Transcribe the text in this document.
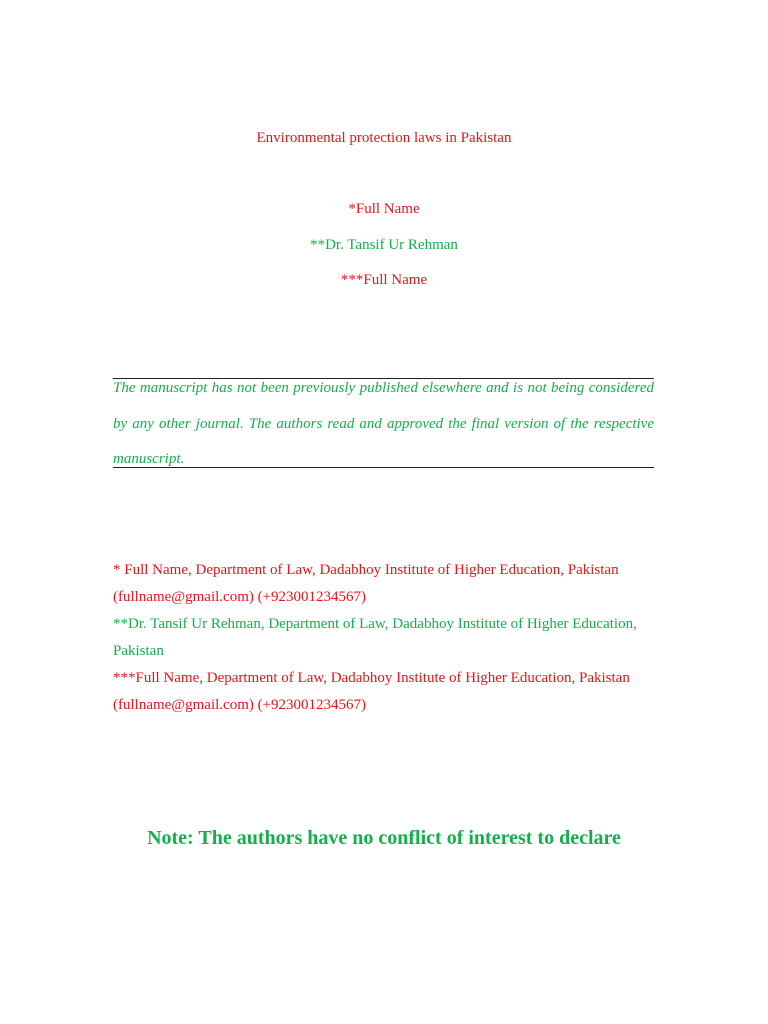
Environmental protection laws in Pakistan
*Full Name
**Dr. Tansif Ur Rehman
***Full Name

The manuscript has not been previously published elsewhere and is not being considered by any other journal. The authors read and approved the final version of the respective manuscript.

* Full Name, Department of Law, Dadabhoy Institute of Higher Education, Pakistan (fullname@gmail.com) (+923001234567)

**Dr. Tansif Ur Rehman, Department of Law, Dadabhoy Institute of Higher Education, Pakistan

***Full Name, Department of Law, Dadabhoy Institute of Higher Education, Pakistan (fullname@gmail.com) (+923001234567)

Note: The authors have no conflict of interest to declare
